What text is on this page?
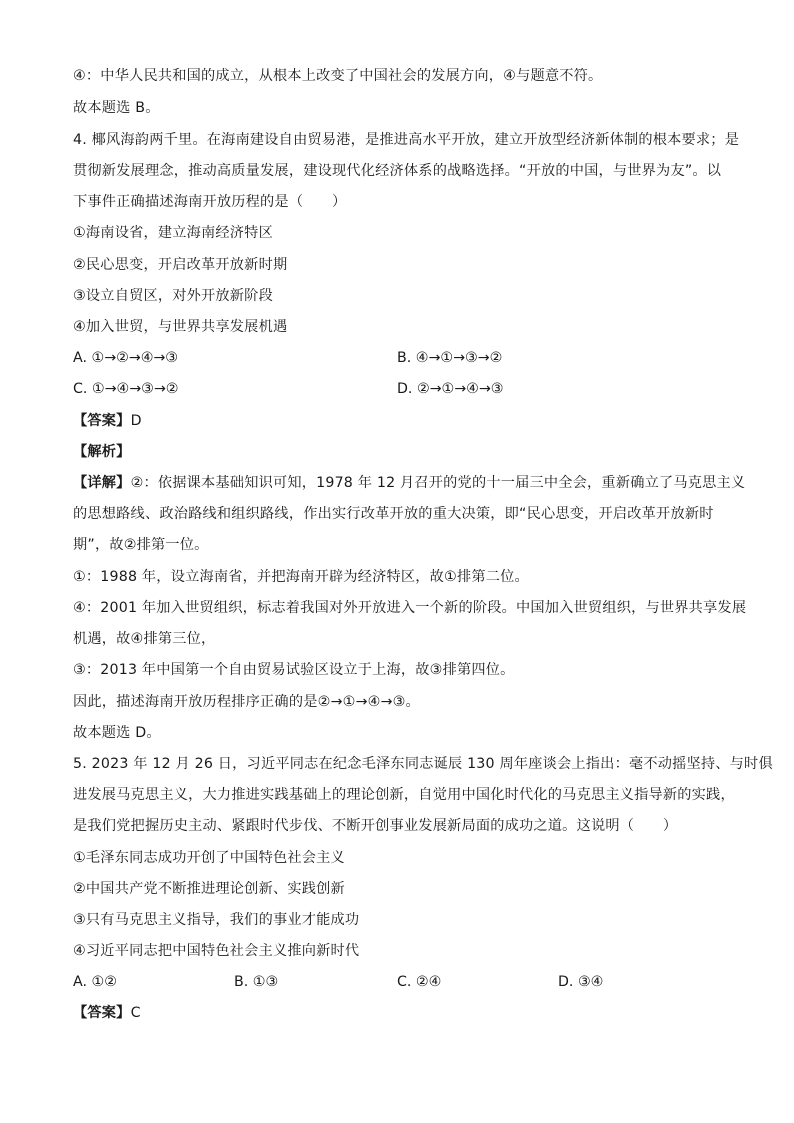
④：中华人民共和国的成立，从根本上改变了中国社会的发展方向，④与题意不符。
故本题选 B。
4. 椰风海韵两千里。在海南建设自由贸易港，是推进高水平开放，建立开放型经济新体制的根本要求；是
贯彻新发展理念，推动高质量发展，建设现代化经济体系的战略选择。“开放的中国，与世界为友”。以
下事件正确描述海南开放历程的是（　　）
①海南设省，建立海南经济特区
②民心思变，开启改革开放新时期
③设立自贸区，对外开放新阶段
④加入世贸，与世界共享发展机遇
A. ①→②→④→③	B. ④→①→③→②
C. ①→④→③→②	D. ②→①→④→③
【答案】D
【解析】
【详解】②：依据课本基础知识可知，1978 年 12 月召开的党的十一届三中全会，重新确立了马克思主义
的思想路线、政治路线和组织路线，作出实行改革开放的重大决策，即“民心思变，开启改革开放新时
期”，故②排第一位。
①：1988 年，设立海南省，并把海南开辟为经济特区，故①排第二位。
④：2001 年加入世贸组织，标志着我国对外开放进入一个新的阶段。中国加入世贸组织，与世界共享发展
机遇，故④排第三位，
③：2013 年中国第一个自由贸易试验区设立于上海，故③排第四位。
因此，描述海南开放历程排序正确的是②→①→④→③。
故本题选 D。
5. 2023 年 12 月 26 日，习近平同志在纪念毛泽东同志诞辰 130 周年座谈会上指出：毫不动摇坚持、与时俱
进发展马克思主义，大力推进实践基础上的理论创新，自觉用中国化时代化的马克思主义指导新的实践，
是我们党把握历史主动、紧跟时代步伐、不断开创事业发展新局面的成功之道。这说明（　　）
①毛泽东同志成功开创了中国特色社会主义
②中国共产党不断推进理论创新、实践创新
③只有马克思主义指导，我们的事业才能成功
④习近平同志把中国特色社会主义推向新时代
A. ①②	B. ①③	C. ②④	D. ③④
【答案】C
